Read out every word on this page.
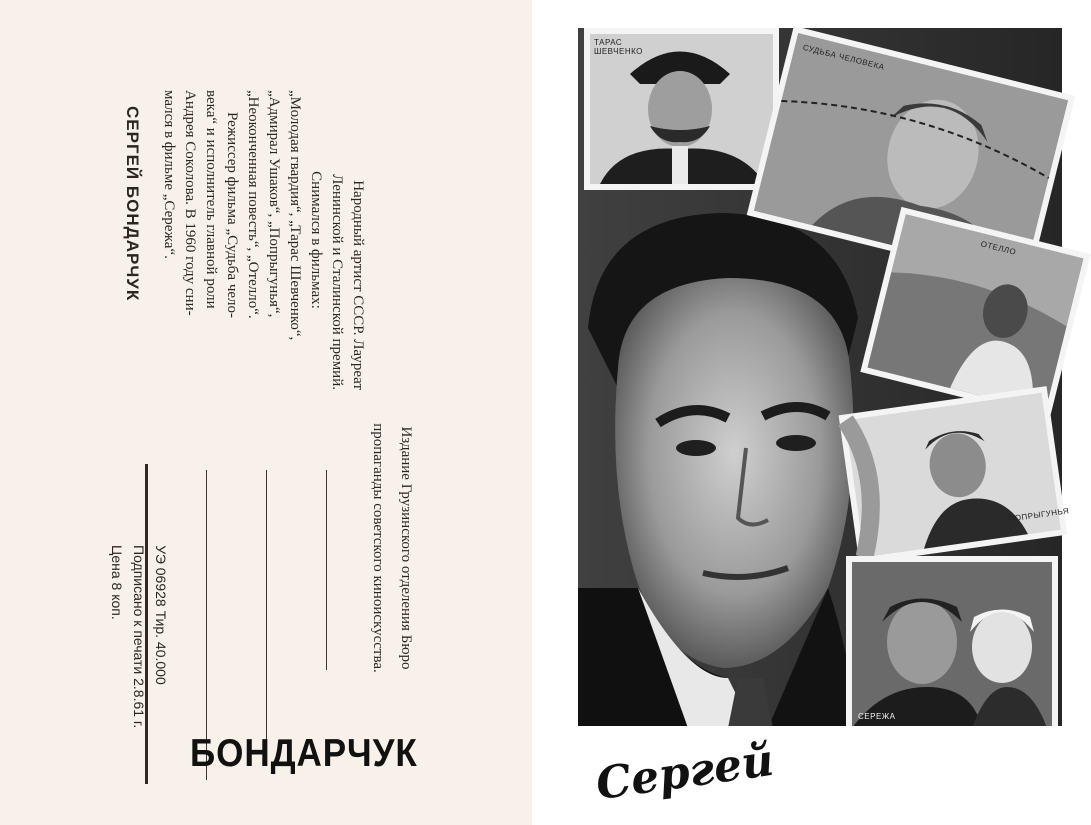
СЕРГЕЙ БОНДАРЧУК	Народный артист СССР. Лауреат
Ленинской и Сталинской премий.
Снимался в фильмах:
„Молодая гвардия“, „Тарас Шевченко“,
„Адмирал Ушаков“, „Попрыгунья“,
„Неоконченная повесть“, „Отелло“.
Режиссер фильма „Судьба чело-
века“ и исполнитель главной роли
Андрея Соколова. В 1960 году сни-
мался в фильме „Сережа“.
Издание Грузинского отделения Бюро
пропаганды советского киноискусства.
УЭ 06928 Тир. 40.000
Подписано к печати 2.8.61 г.
Цена 8 коп.
ТАРАС
ШЕВЧЕНКО	СУДЬБА ЧЕЛОВЕКА
ОТЕЛЛО
ПОПРЫГУНЬЯ
СЕРЕЖА
Сергей
БОНДАРЧУК
